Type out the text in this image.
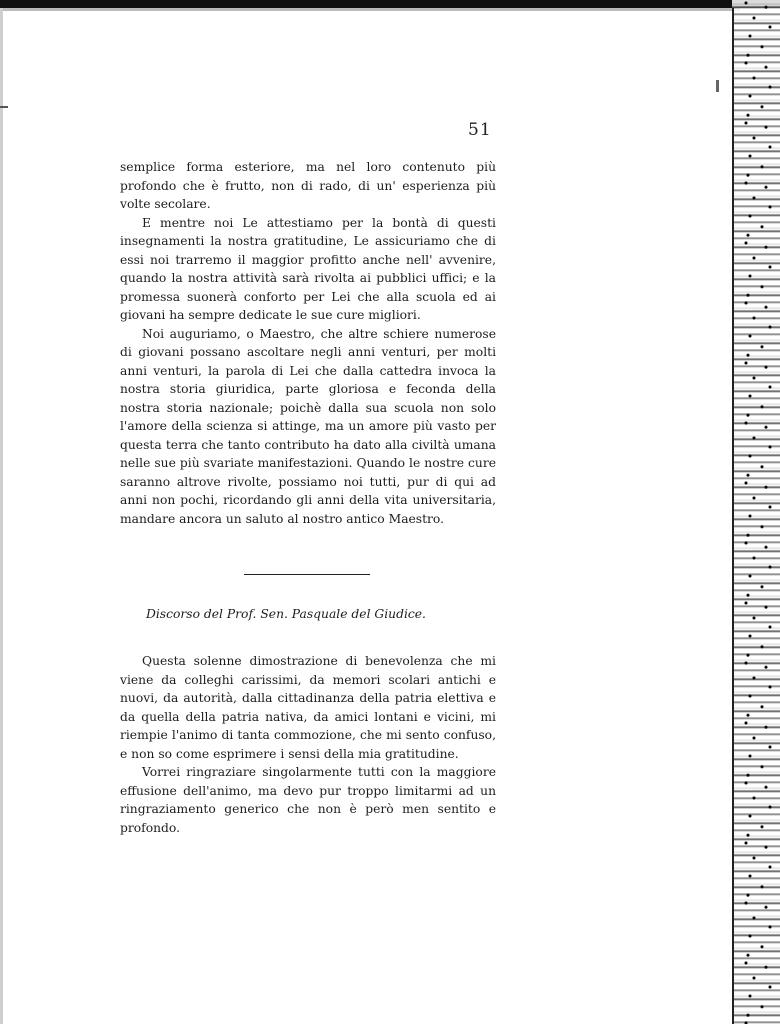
51

semplice forma esteriore, ma nel loro contenuto più profondo che è frutto, non di rado, di un' esperienza più volte secolare.

E mentre noi Le attestiamo per la bontà di questi insegnamenti la nostra gratitudine, Le assicuriamo che di essi noi trarremo il maggior profitto anche nell' avvenire, quando la nostra attività sarà rivolta ai pubblici uffici; e la promessa suonerà conforto per Lei che alla scuola ed ai giovani ha sempre dedicate le sue cure migliori.

Noi auguriamo, o Maestro, che altre schiere numerose di giovani possano ascoltare negli anni venturi, per molti anni venturi, la parola di Lei che dalla cattedra invoca la nostra storia giuridica, parte gloriosa e feconda della nostra storia nazionale; poichè dalla sua scuola non solo l'amore della scienza si attinge, ma un amore più vasto per questa terra che tanto contributo ha dato alla civiltà umana nelle sue più svariate manifestazioni. Quando le nostre cure saranno altrove rivolte, possiamo noi tutti, pur di qui ad anni non pochi, ricordando gli anni della vita universitaria, mandare ancora un saluto al nostro antico Maestro.

Discorso del Prof. Sen. Pasquale del Giudice.

Questa solenne dimostrazione di benevolenza che mi viene da colleghi carissimi, da memori scolari antichi e nuovi, da autorità, dalla cittadinanza della patria elettiva e da quella della patria nativa, da amici lontani e vicini, mi riempie l'animo di tanta commozione, che mi sento confuso, e non so come esprimere i sensi della mia gratitudine.

Vorrei ringraziare singolarmente tutti con la maggiore effusione dell'animo, ma devo pur troppo limitarmi ad un ringraziamento generico che non è però men sentito e profondo.
